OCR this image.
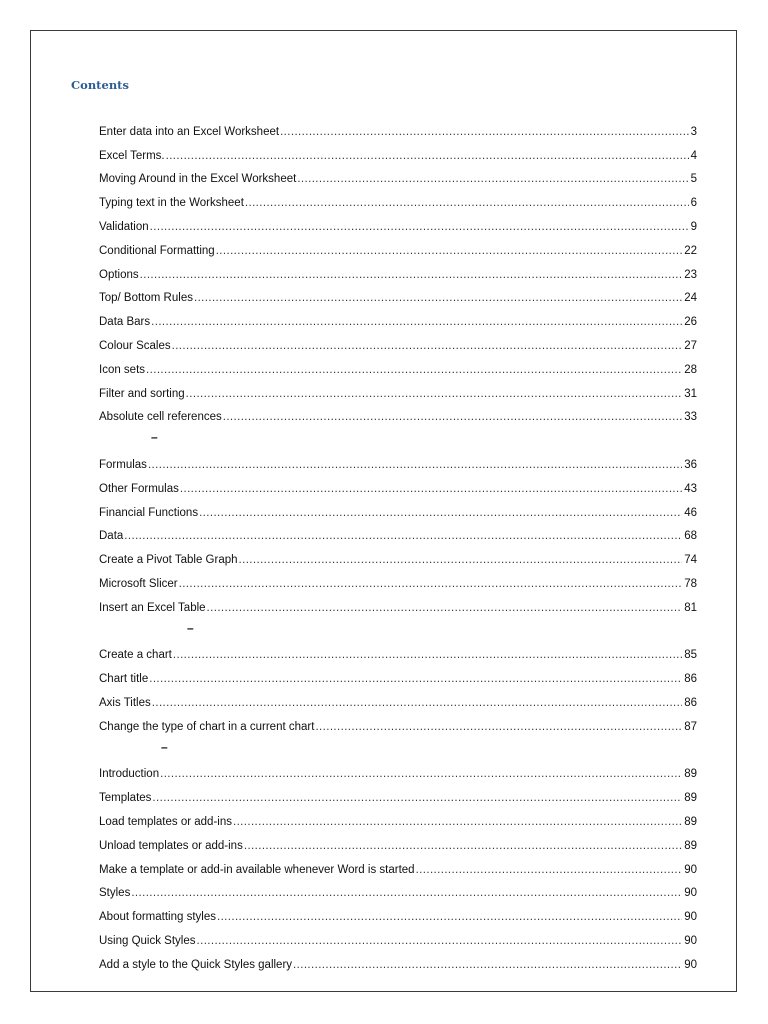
Contents
Enter data into an Excel Worksheet .....	3
Excel Terms. .....	4
Moving Around in the Excel Worksheet .....	5
Typing text in the Worksheet .....	6
Validation .....	9
Conditional Formatting .....	22
Options .....	23
Top/ Bottom Rules .....	24
Data Bars .....	26
Colour Scales .....	27
Icon sets .....	28
Filter and sorting .....	31
Absolute cell references .....	33
–
Formulas .....	36
Other Formulas .....	43
Financial Functions .....	46
Data .....	68
Create a Pivot Table Graph .....	74
Microsoft Slicer .....	78
Insert an Excel Table .....	81
–
Create a chart .....	85
Chart title .....	86
Axis Titles .....	86
Change the type of chart in a current chart .....	87
–
Introduction .....	89
Templates .....	89
Load templates or add-ins .....	89
Unload templates or add-ins .....	89
Make a template or add-in available whenever Word is started .....	90
Styles .....	90
About formatting styles .....	90
Using Quick Styles .....	90
Add a style to the Quick Styles gallery .....	90
